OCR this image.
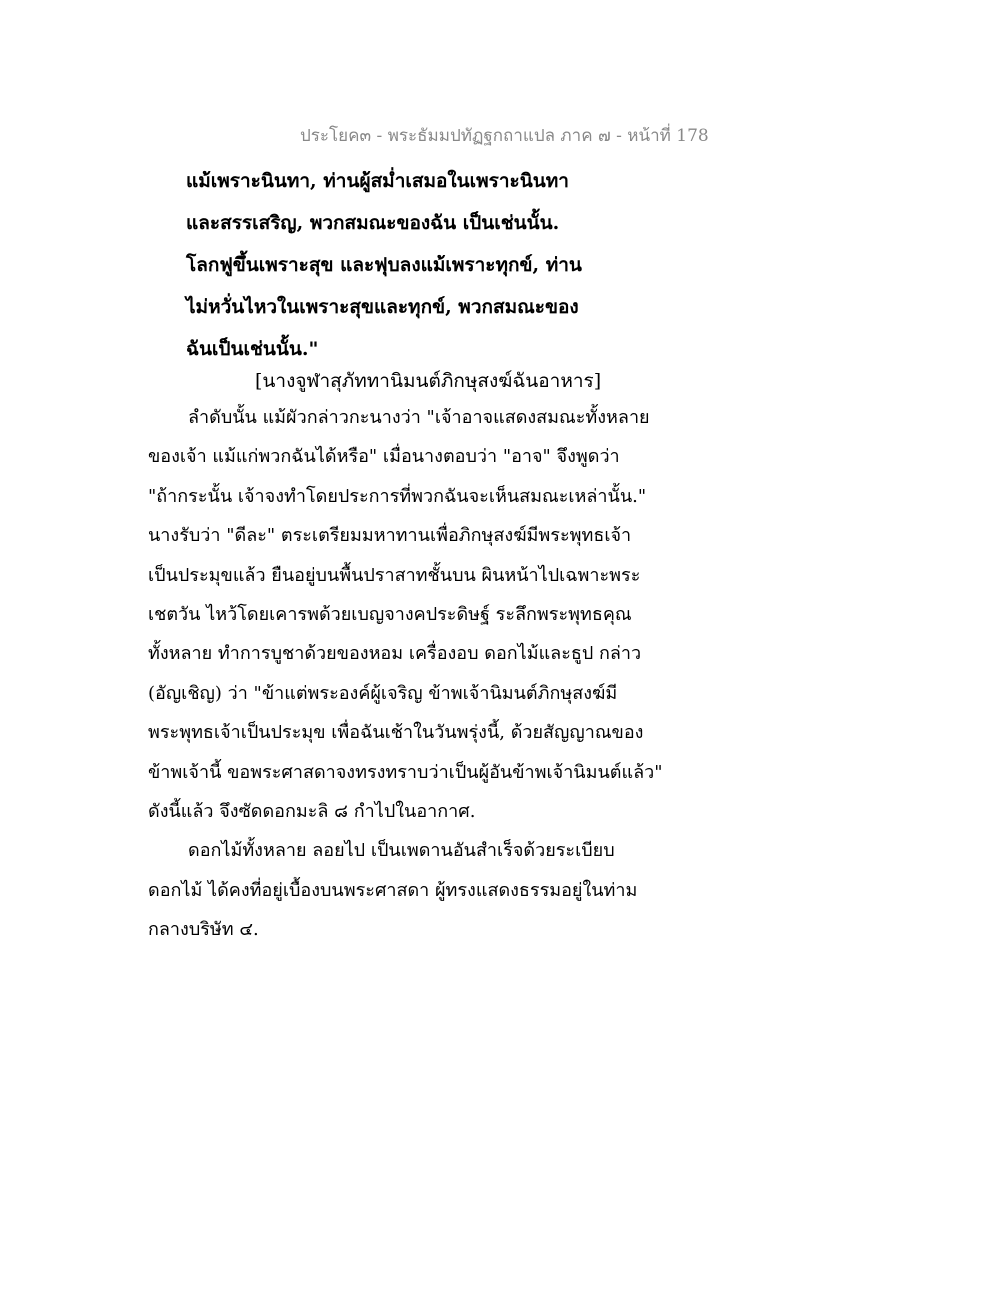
ประโยค๓ - พระธัมมปทัฏฐกถาแปล ภาค ๗ - หน้าที่ 178
แม้เพราะนินทา, ท่านผู้สม่ำเสมอในเพราะนินทา
และสรรเสริญ, พวกสมณะของฉัน เป็นเช่นนั้น.
โลกฟูขึ้นเพราะสุข และฟุบลงแม้เพราะทุกข์, ท่าน
ไม่หวั่นไหวในเพราะสุขและทุกข์, พวกสมณะของ
ฉันเป็นเช่นนั้น."
[นางจูฬาสุภัททานิมนต์ภิกษุสงฆ์ฉันอาหาร]
ลำดับนั้น แม้ผัวกล่าวกะนางว่า "เจ้าอาจแสดงสมณะทั้งหลาย
ของเจ้า แม้แก่พวกฉันได้หรือ" เมื่อนางตอบว่า "อาจ" จึงพูดว่า
"ถ้ากระนั้น เจ้าจงทำโดยประการที่พวกฉันจะเห็นสมณะเหล่านั้น."
นางรับว่า "ดีละ" ตระเตรียมมหาทานเพื่อภิกษุสงฆ์มีพระพุทธเจ้า
เป็นประมุขแล้ว ยืนอยู่บนพื้นปราสาทชั้นบน ผินหน้าไปเฉพาะพระ
เชตวัน ไหว้โดยเคารพด้วยเบญจางคประดิษฐ์ ระลึกพระพุทธคุณ
ทั้งหลาย ทำการบูชาด้วยของหอม เครื่องอบ ดอกไม้และธูป กล่าว
(อัญเชิญ) ว่า "ข้าแต่พระองค์ผู้เจริญ ข้าพเจ้านิมนต์ภิกษุสงฆ์มี
พระพุทธเจ้าเป็นประมุข เพื่อฉันเช้าในวันพรุ่งนี้, ด้วยสัญญาณของ
ข้าพเจ้านี้ ขอพระศาสดาจงทรงทราบว่าเป็นผู้อันข้าพเจ้านิมนต์แล้ว"
ดังนี้แล้ว จึงซัดดอกมะลิ ๘ กำไปในอากาศ.
ดอกไม้ทั้งหลาย ลอยไป เป็นเพดานอันสำเร็จด้วยระเบียบ
ดอกไม้ ได้คงที่อยู่เบื้องบนพระศาสดา ผู้ทรงแสดงธรรมอยู่ในท่าม
กลางบริษัท ๔.
